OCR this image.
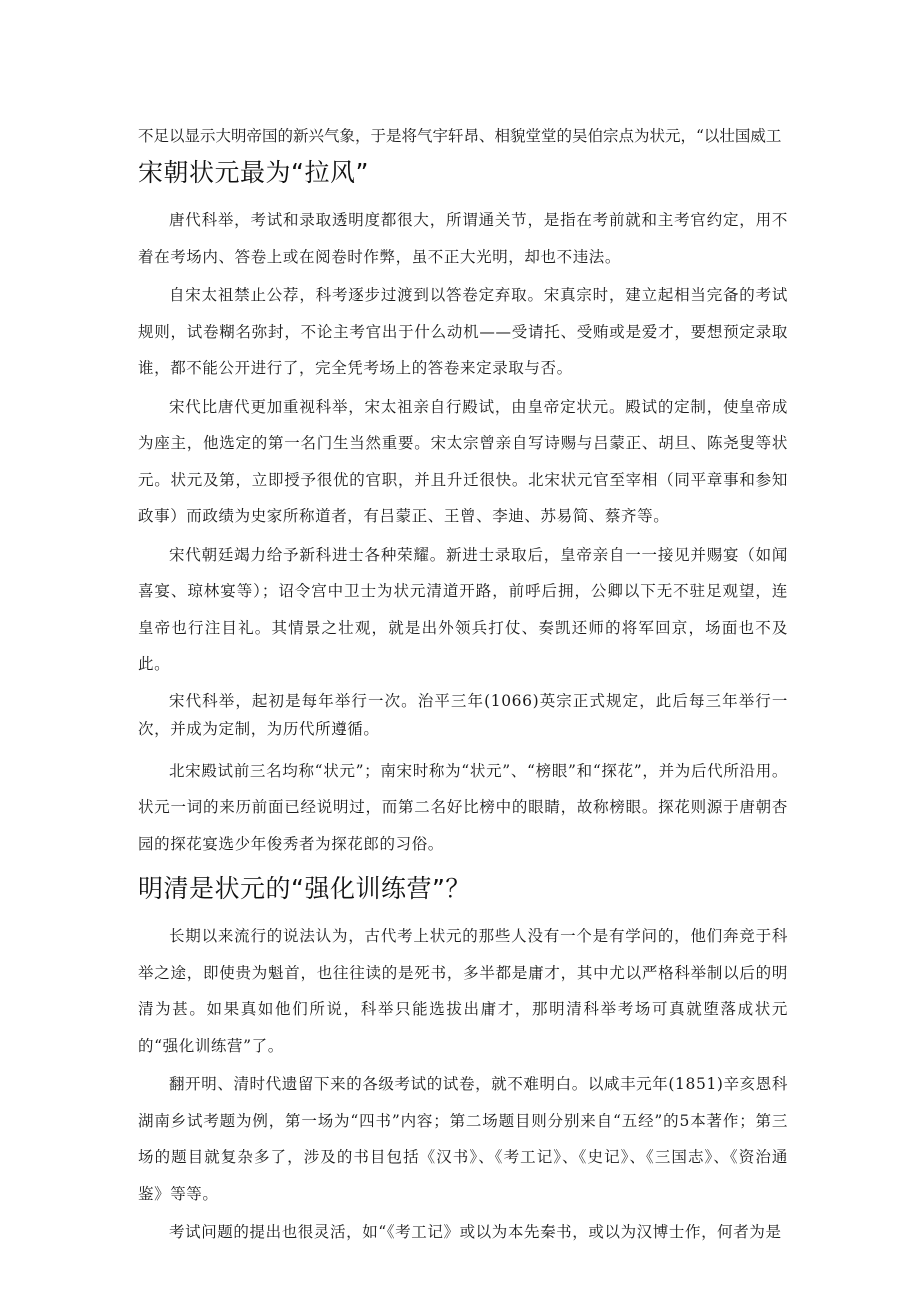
不足以显示大明帝国的新兴气象，于是将气宇轩昂、相貌堂堂的吴伯宗点为状元，“以壮国威工

宋朝状元最为“拉风”

唐代科举，考试和录取透明度都很大，所谓通关节，是指在考前就和主考官约定，用不着在考场内、答卷上或在阅卷时作弊，虽不正大光明，却也不违法。

自宋太祖禁止公荐，科考逐步过渡到以答卷定弃取。宋真宗时，建立起相当完备的考试规则，试卷糊名弥封，不论主考官出于什么动机——受请托、受贿或是爱才，要想预定录取谁，都不能公开进行了，完全凭考场上的答卷来定录取与否。

宋代比唐代更加重视科举，宋太祖亲自行殿试，由皇帝定状元。殿试的定制，使皇帝成为座主，他选定的第一名门生当然重要。宋太宗曾亲自写诗赐与吕蒙正、胡旦、陈尧叟等状元。状元及第，立即授予很优的官职，并且升迁很快。北宋状元官至宰相（同平章事和参知政事）而政绩为史家所称道者，有吕蒙正、王曾、李迪、苏易简、蔡齐等。

宋代朝廷竭力给予新科进士各种荣耀。新进士录取后，皇帝亲自一一接见并赐宴（如闻喜宴、琼林宴等）；诏令宫中卫士为状元清道开路，前呼后拥，公卿以下无不驻足观望，连皇帝也行注目礼。其情景之壮观，就是出外领兵打仗、奏凯还师的将军回京，场面也不及此。

宋代科举，起初是每年举行一次。治平三年(1066)英宗正式规定，此后每三年举行一次，并成为定制，为历代所遵循。

北宋殿试前三名均称“状元”；南宋时称为“状元”、“榜眼”和“探花”，并为后代所沿用。状元一词的来历前面已经说明过，而第二名好比榜中的眼睛，故称榜眼。探花则源于唐朝杏园的探花宴选少年俊秀者为探花郎的习俗。

明清是状元的“强化训练营”？

长期以来流行的说法认为，古代考上状元的那些人没有一个是有学问的，他们奔竞于科举之途，即使贵为魁首，也往往读的是死书，多半都是庸才，其中尤以严格科举制以后的明清为甚。如果真如他们所说，科举只能选拔出庸才，那明清科举考场可真就堕落成状元的“强化训练营”了。

翻开明、清时代遗留下来的各级考试的试卷，就不难明白。以咸丰元年(1851)辛亥恩科湖南乡试考题为例，第一场为“四书”内容；第二场题目则分别来自“五经”的5本著作；第三场的题目就复杂多了，涉及的书目包括《汉书》、《考工记》、《史记》、《三国志》、《资治通鉴》等等。

考试问题的提出也很灵活，如“《考工记》或以为本先秦书，或以为汉博士作，何者为是
